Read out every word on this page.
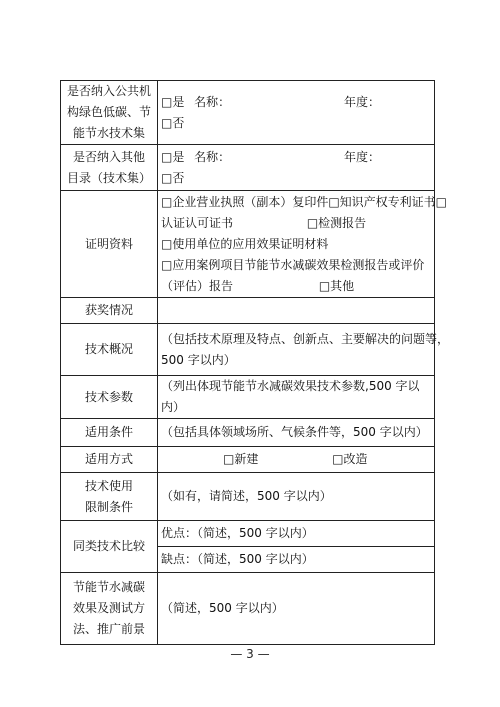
是否纳入公共机
构绿色低碳、节
能节水技术集	□是 名称： 年度：
□否

是否纳入其他
目录（技术集）	□是 名称： 年度：
□否

证明资料	□企业营业执照（副本）复印件□知识产权专利证书□
认证认可证书 □检测报告
□使用单位的应用效果证明材料
□应用案例项目节能节水减碳效果检测报告或评价
（评估）报告 □其他

获奖情况	
技术概况	（包括技术原理及特点、创新点、主要解决的问题等，
500 字以内）

技术参数	（列出体现节能节水减碳效果技术参数,500 字以内）
适用条件	（包括具体领域场所、气候条件等，500 字以内）
适用方式	□新建 □改造

技术使用
限制条件	（如有，请简述，500 字以内）
同类技术比较	优点：（简述，500 字以内）
	缺点：（简述，500 字以内）

节能节水减碳
效果及测试方
法、推广前景	（简述，500 字以内）
— 3 —
